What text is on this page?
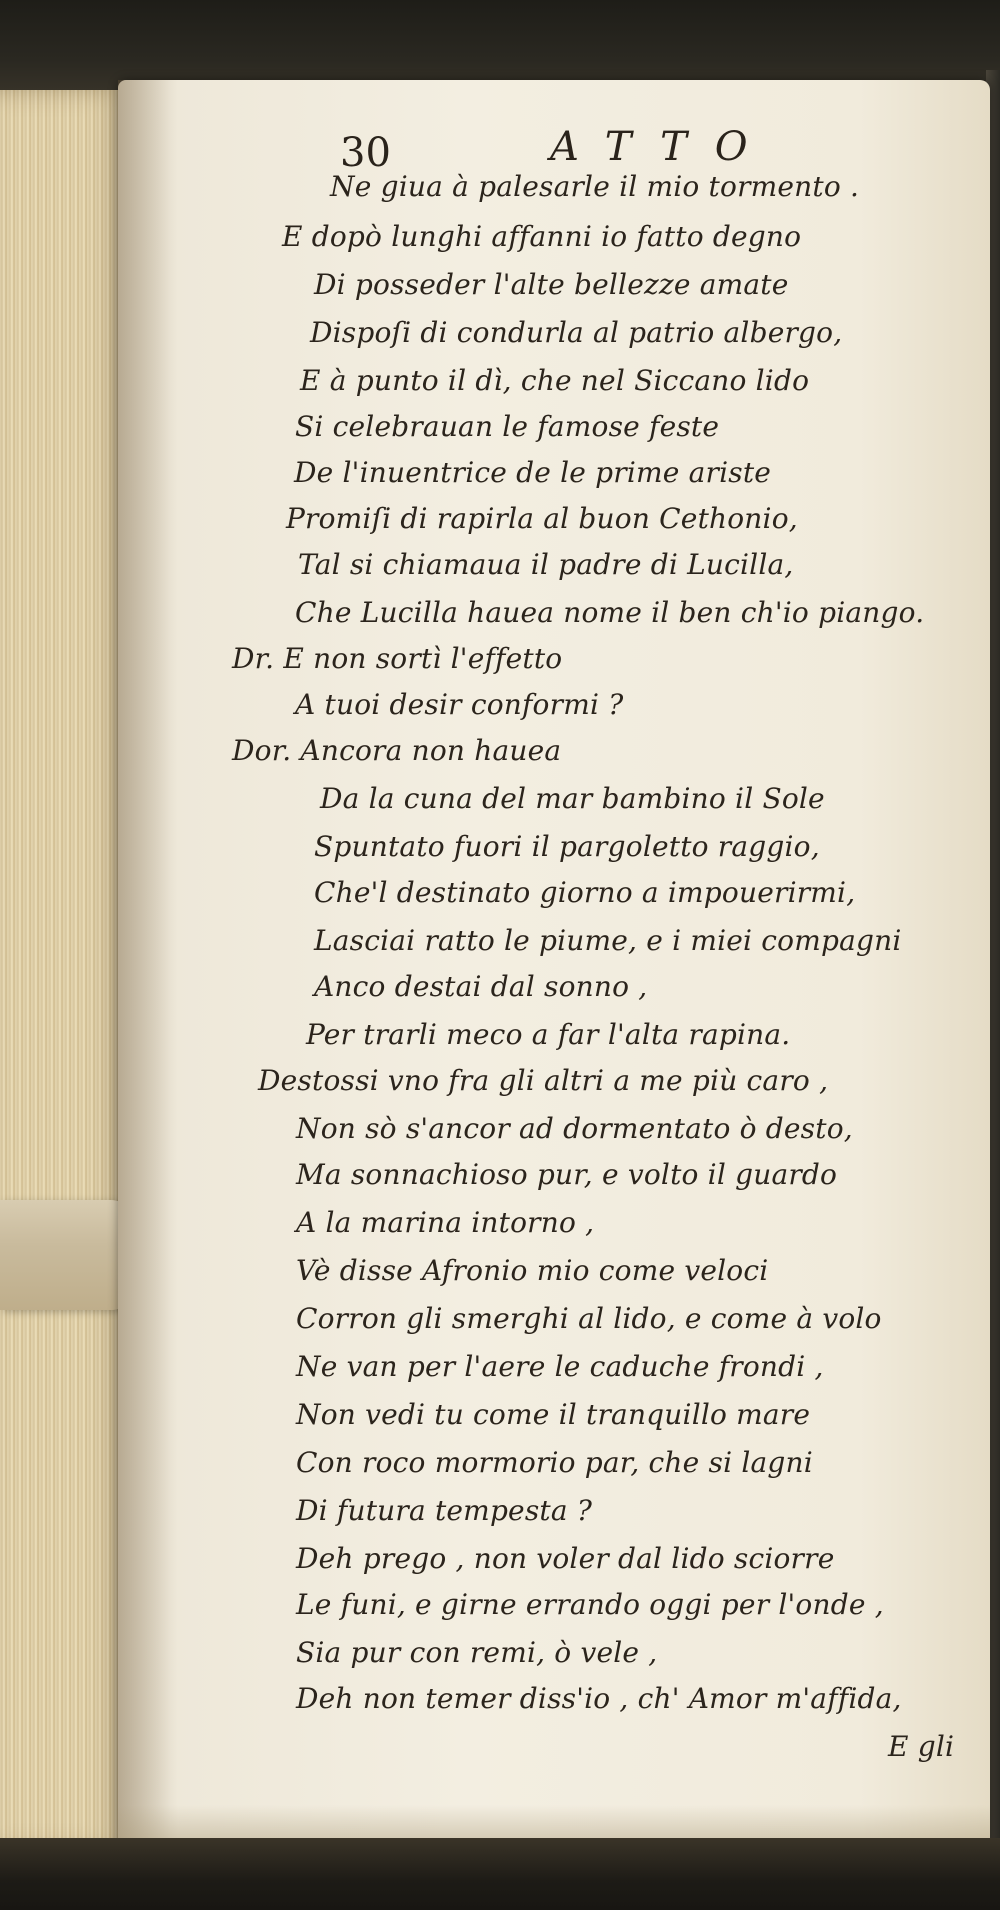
30	ATTO
Ne giua à palesarle il mio tormento .
E dopò lunghi affanni io fatto degno
Di posseder l'alte bellezze amate
Dispoſi di condurla al patrio albergo,
E à punto il dì, che nel Siccano lido
Si celebrauan le famose feste
De l'inuentrice de le prime ariste
Promiſi di rapirla al buon Cethonio,
Tal si chiamaua il padre di Lucilla,
Che Lucilla hauea nome il ben ch'io piango.
Dr. E non sortì l'effetto
A tuoi desir conformi ?
Dor. Ancora non hauea
Da la cuna del mar bambino il Sole
Spuntato fuori il pargoletto raggio,
Che'l destinato giorno a impouerirmi,
Lasciai ratto le piume, e i miei compagni
Anco destai dal sonno ,
Per trarli meco a far l'alta rapina.
Destossi vno fra gli altri a me più caro ,
Non sò s'ancor ad dormentato ò desto,
Ma sonnachioso pur, e volto il guardo
A la marina intorno ,
Vè disse Afronio mio come veloci
Corron gli smerghi al lido, e come à volo
Ne van per l'aere le caduche frondi ,
Non vedi tu come il tranquillo mare
Con roco mormorio par, che si lagni
Di futura tempesta ?
Deh prego , non voler dal lido sciorre
Le funi, e girne errando oggi per l'onde ,
Sia pur con remi, ò vele ,
Deh non temer diss'io , ch' Amor m'affida,
E gli
